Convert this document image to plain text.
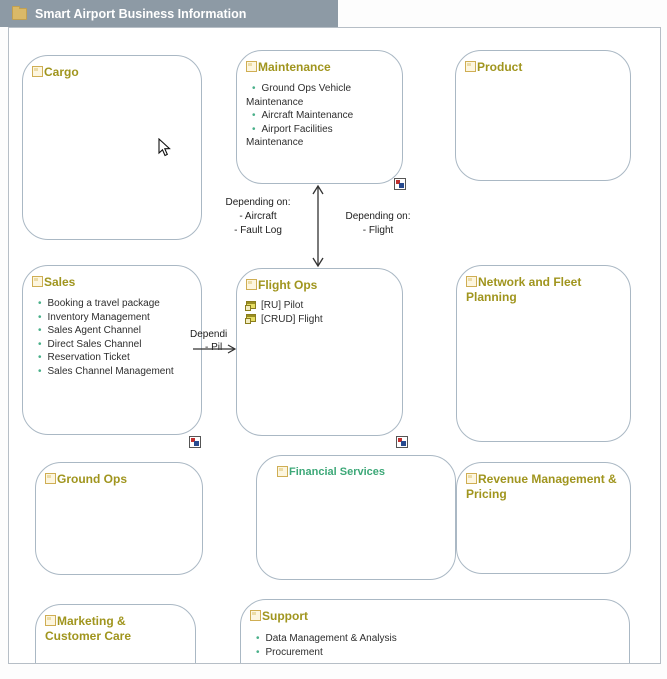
Smart Airport Business Information
Depending on:
- Aircraft
- Fault Log
Depending on:
- Flight
Cargo	Maintenance
• Ground Ops Vehicle Maintenance
• Aircraft Maintenance
• Airport Facilities Maintenance
Product
Sales
• Booking a travel package
• Inventory Management
• Sales Agent Channel
• Direct Sales Channel
• Reservation Ticket
• Sales Channel Management
Flight Ops
[RU] Pilot
[CRUD] Flight
Network and Fleet Planning
Ground Ops	Financial Services	Revenue Management & Pricing
Marketing & Customer Care
Support
• Data Management & Analysis
• Procurement
Dependi
- Pil
